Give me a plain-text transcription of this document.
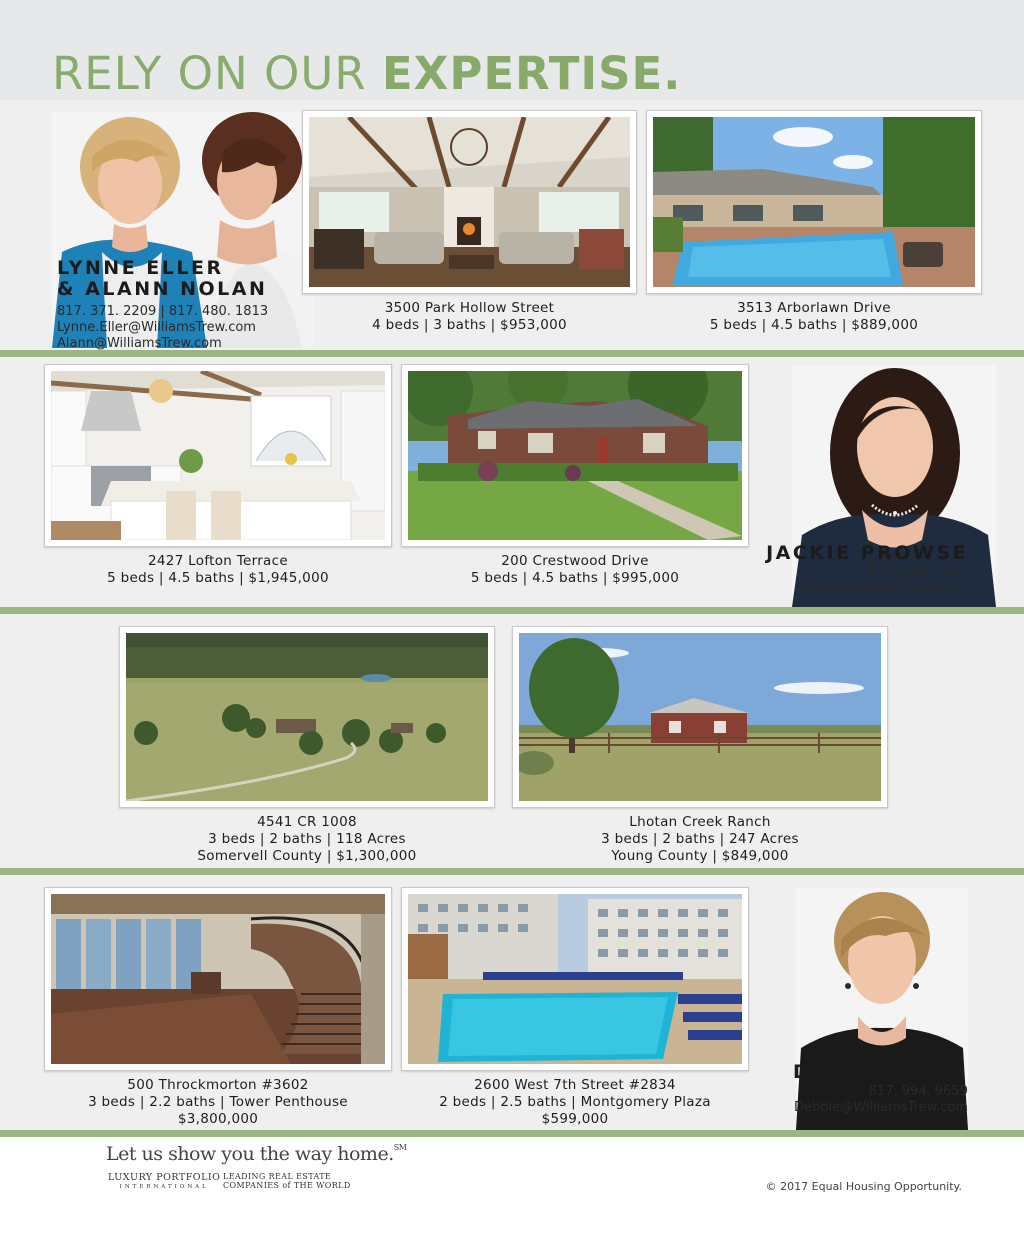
RELY ON OUR EXPERTISE.
LYNNE ELLER
& ALANN NOLAN
817. 371. 2209 | 817. 480. 1813
Lynne.Eller@WilliamsTrew.com
Alann@WilliamsTrew.com
3500 Park Hollow Street
4 beds | 3 baths | $953,000
3513 Arborlawn Drive
5 beds | 4.5 baths | $889,000
2427 Lofton Terrace
5 beds | 4.5 baths | $1,945,000
200 Crestwood Drive
5 beds | 4.5 baths | $995,000
JACKIE PROWSE
817. 688. 1477
Jackie@WilliamsTrew.com
4541 CR 1008
3 beds | 2 baths | 118 Acres
Somervell County | $1,300,000
Lhotan Creek Ranch
3 beds | 2 baths | 247 Acres
Young County | $849,000
500 Throckmorton #3602
3 beds | 2.2 baths | Tower Penthouse
$3,800,000
2600 West 7th Street #2834
2 beds | 2.5 baths | Montgomery Plaza
$599,000
DEBBIE HUNN
817. 994. 9659
Debbie@WilliamsTrew.com
Let us show you the way home.℠
LUXURY PORTFOLIO
INTERNATIONAL
LEADING REAL ESTATE
COMPANIES of THE WORLD	© 2017 Equal Housing Opportunity.
